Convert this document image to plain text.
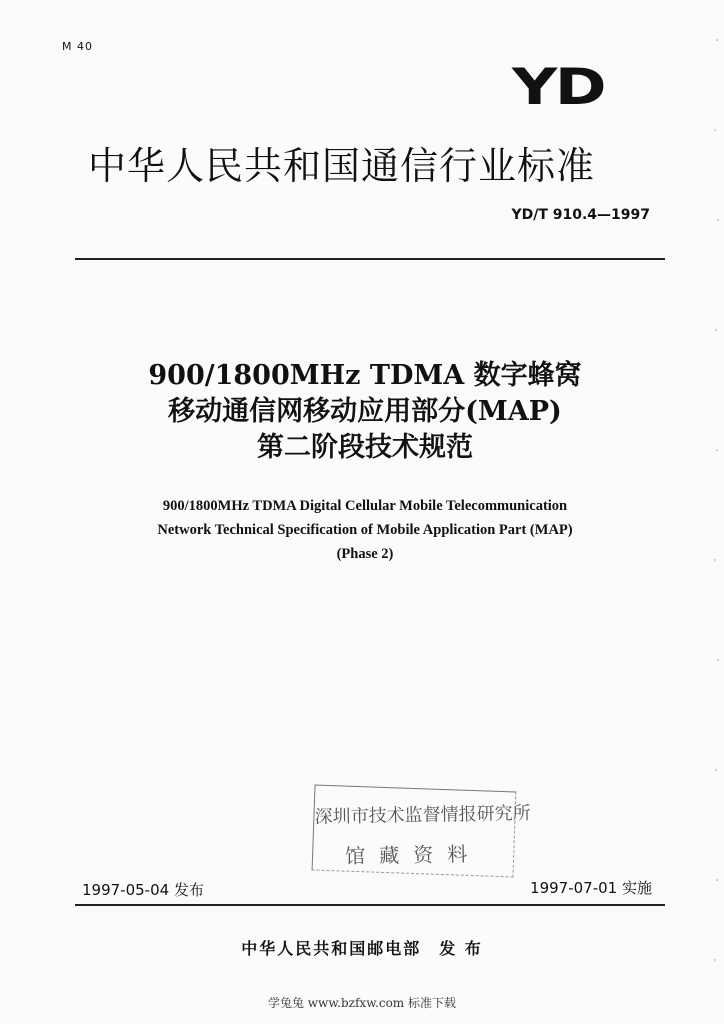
M 40
YD
中华人民共和国通信行业标准
YD/T 910.4—1997
900/1800MHz TDMA 数字蜂窝
移动通信网移动应用部分(MAP)
第二阶段技术规范
900/1800MHz TDMA Digital Cellular Mobile Telecommunication
Network Technical Specification of Mobile Application Part (MAP)
(Phase 2)
深圳市技术监督情报研究所
馆藏资料
1997-05-04 发布	1997-07-01 实施
中华人民共和国邮电部　发 布
学兔兔 www.bzfxw.com 标准下载
